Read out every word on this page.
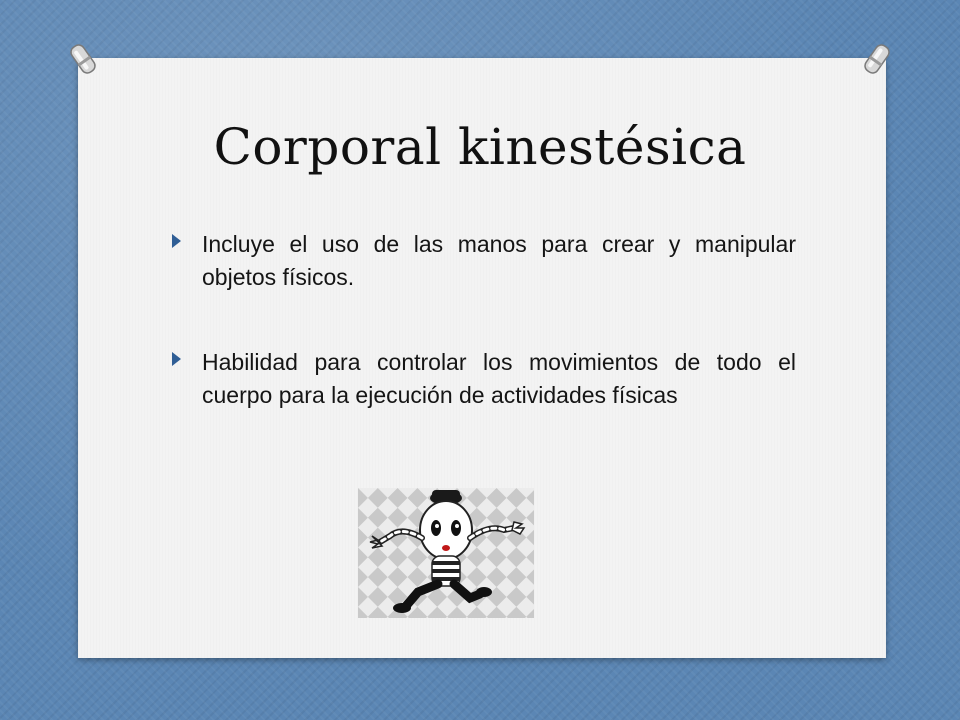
Corporal kinestésica
Incluye el uso de las manos para crear y manipular objetos físicos.
Habilidad para controlar los movimientos de todo el cuerpo para la ejecución de actividades físicas
